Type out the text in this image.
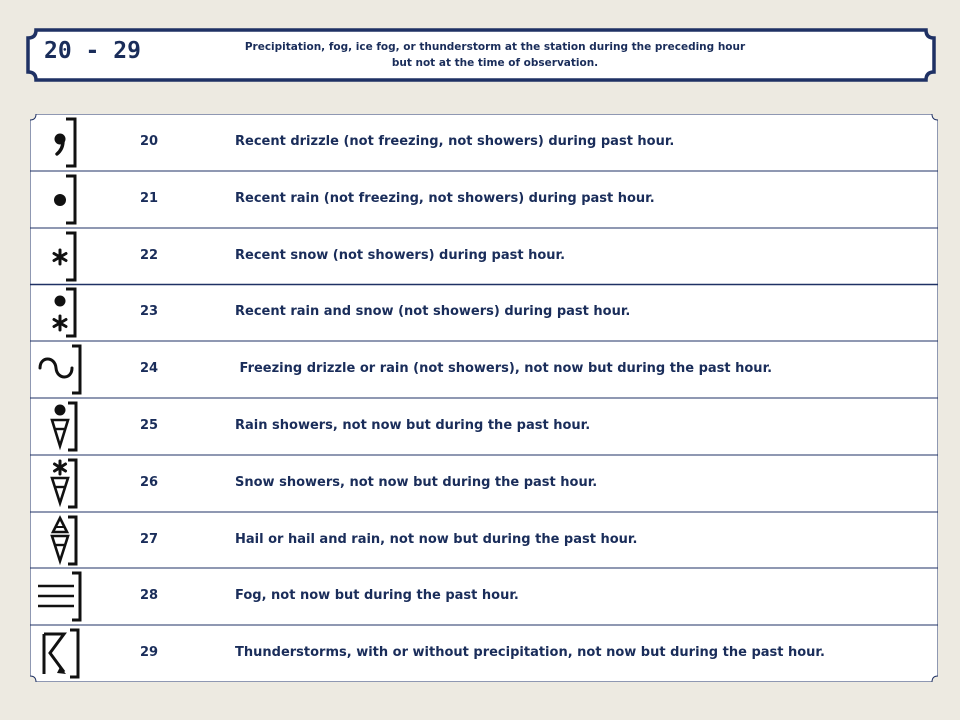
20 - 29	Precipitation, fog, ice fog, or thunderstorm at the station during the preceding hour
but not at the time of observation.
20	Recent drizzle (not freezing, not showers) during past hour.
21	Recent rain (not freezing, not showers) during past hour.
22	Recent snow (not showers) during past hour.
23	Recent rain and snow (not showers) during past hour.
24	Freezing drizzle or rain (not showers), not now but during the past hour.
25	Rain showers, not now but during the past hour.
26	Snow showers, not now but during the past hour.
27	Hail or hail and rain, not now but during the past hour.
28	Fog, not now but during the past hour.
29	Thunderstorms, with or without precipitation, not now but during the past hour.
